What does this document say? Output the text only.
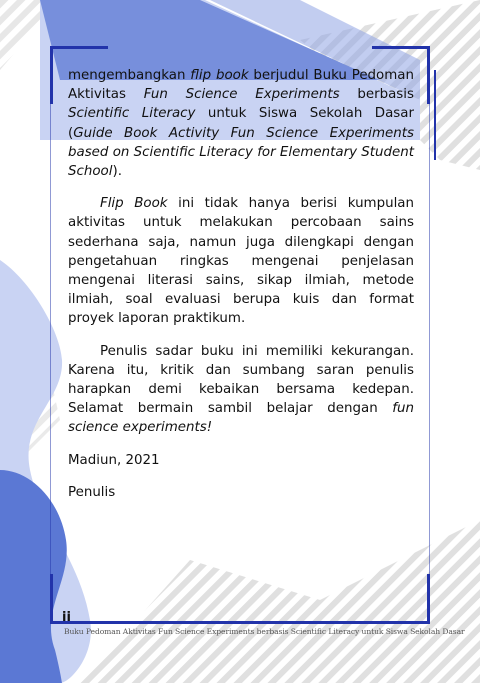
mengembangkan flip book berjudul Buku Pedoman Aktivitas Fun Science Experiments berbasis Scientific Literacy untuk Siswa Sekolah Dasar (Guide Book Activity Fun Science Experiments based on Scientific Literacy for Elementary Student School).

Flip Book ini tidak hanya berisi kumpulan aktivitas untuk melakukan percobaan sains sederhana saja, namun juga dilengkapi dengan pengetahuan ringkas mengenai penjelasan mengenai literasi sains, sikap ilmiah, metode ilmiah, soal evaluasi berupa kuis dan format proyek laporan praktikum.

Penulis sadar buku ini memiliki kekurangan. Karena itu, kritik dan sumbang saran penulis harapkan demi kebaikan bersama kedepan. Selamat bermain sambil belajar dengan fun science experiments!

Madiun, 2021

Penulis

ii
Buku Pedoman Aktivitas Fun Science Experiments berbasis Scientific Literacy untuk Siswa Sekolah Dasar
